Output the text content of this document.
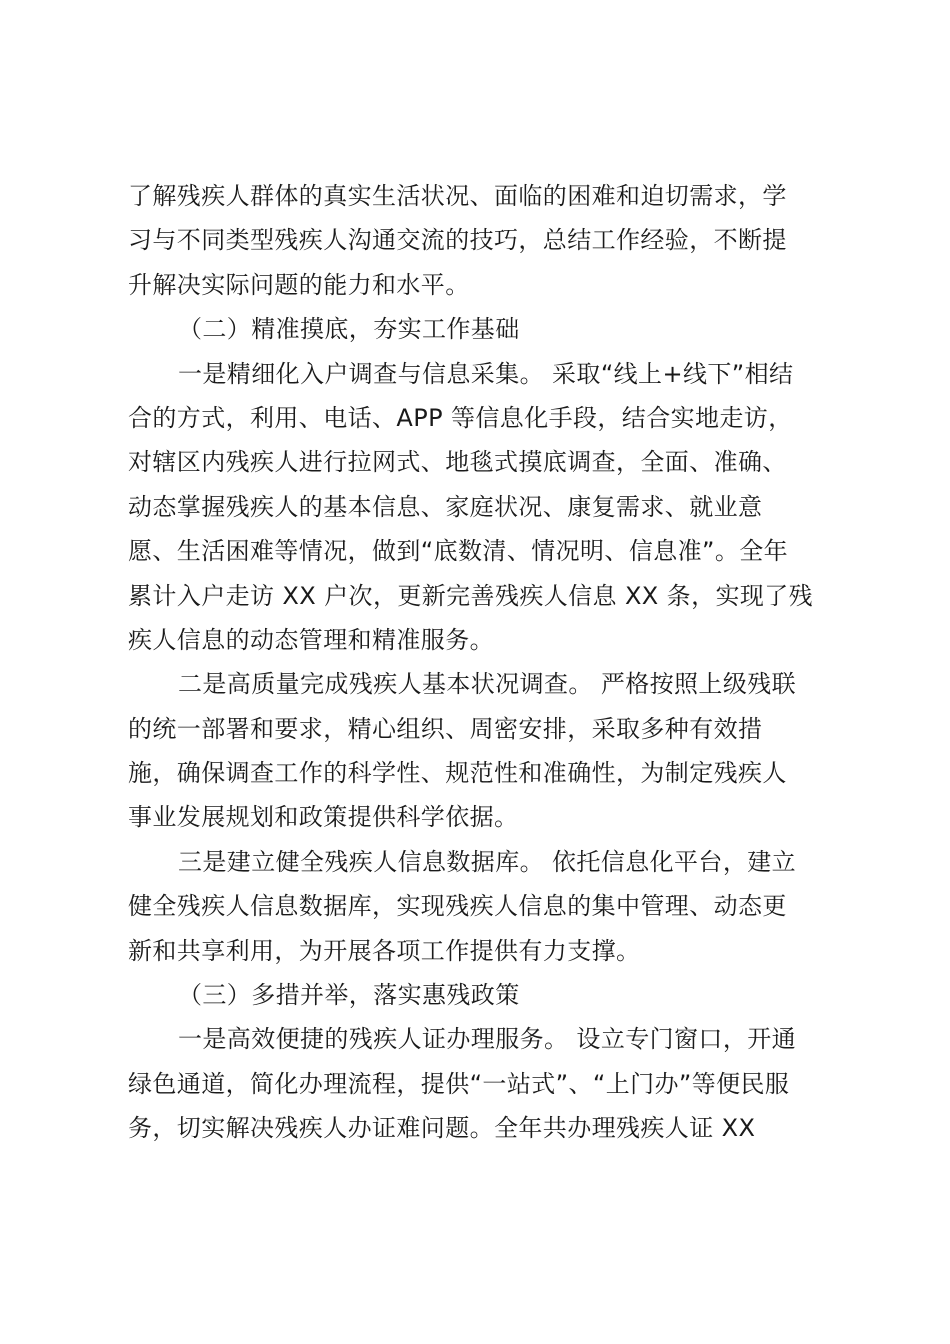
了解残疾人群体的真实生活状况、面临的困难和迫切需求，学
习与不同类型残疾人沟通交流的技巧，总结工作经验，不断提
升解决实际问题的能力和水平。
（二）精准摸底，夯实工作基础
一是精细化入户调查与信息采集。 采取“线上+线下”相结
合的方式，利用、电话、APP 等信息化手段，结合实地走访，
对辖区内残疾人进行拉网式、地毯式摸底调查，全面、准确、
动态掌握残疾人的基本信息、家庭状况、康复需求、就业意
愿、生活困难等情况，做到“底数清、情况明、信息准”。全年
累计入户走访 XX 户次，更新完善残疾人信息 XX 条，实现了残
疾人信息的动态管理和精准服务。
二是高质量完成残疾人基本状况调查。 严格按照上级残联
的统一部署和要求，精心组织、周密安排，采取多种有效措
施，确保调查工作的科学性、规范性和准确性，为制定残疾人
事业发展规划和政策提供科学依据。
三是建立健全残疾人信息数据库。 依托信息化平台，建立
健全残疾人信息数据库，实现残疾人信息的集中管理、动态更
新和共享利用，为开展各项工作提供有力支撑。
（三）多措并举，落实惠残政策
一是高效便捷的残疾人证办理服务。 设立专门窗口，开通
绿色通道，简化办理流程，提供“一站式”、“上门办”等便民服
务，切实解决残疾人办证难问题。全年共办理残疾人证 XX
